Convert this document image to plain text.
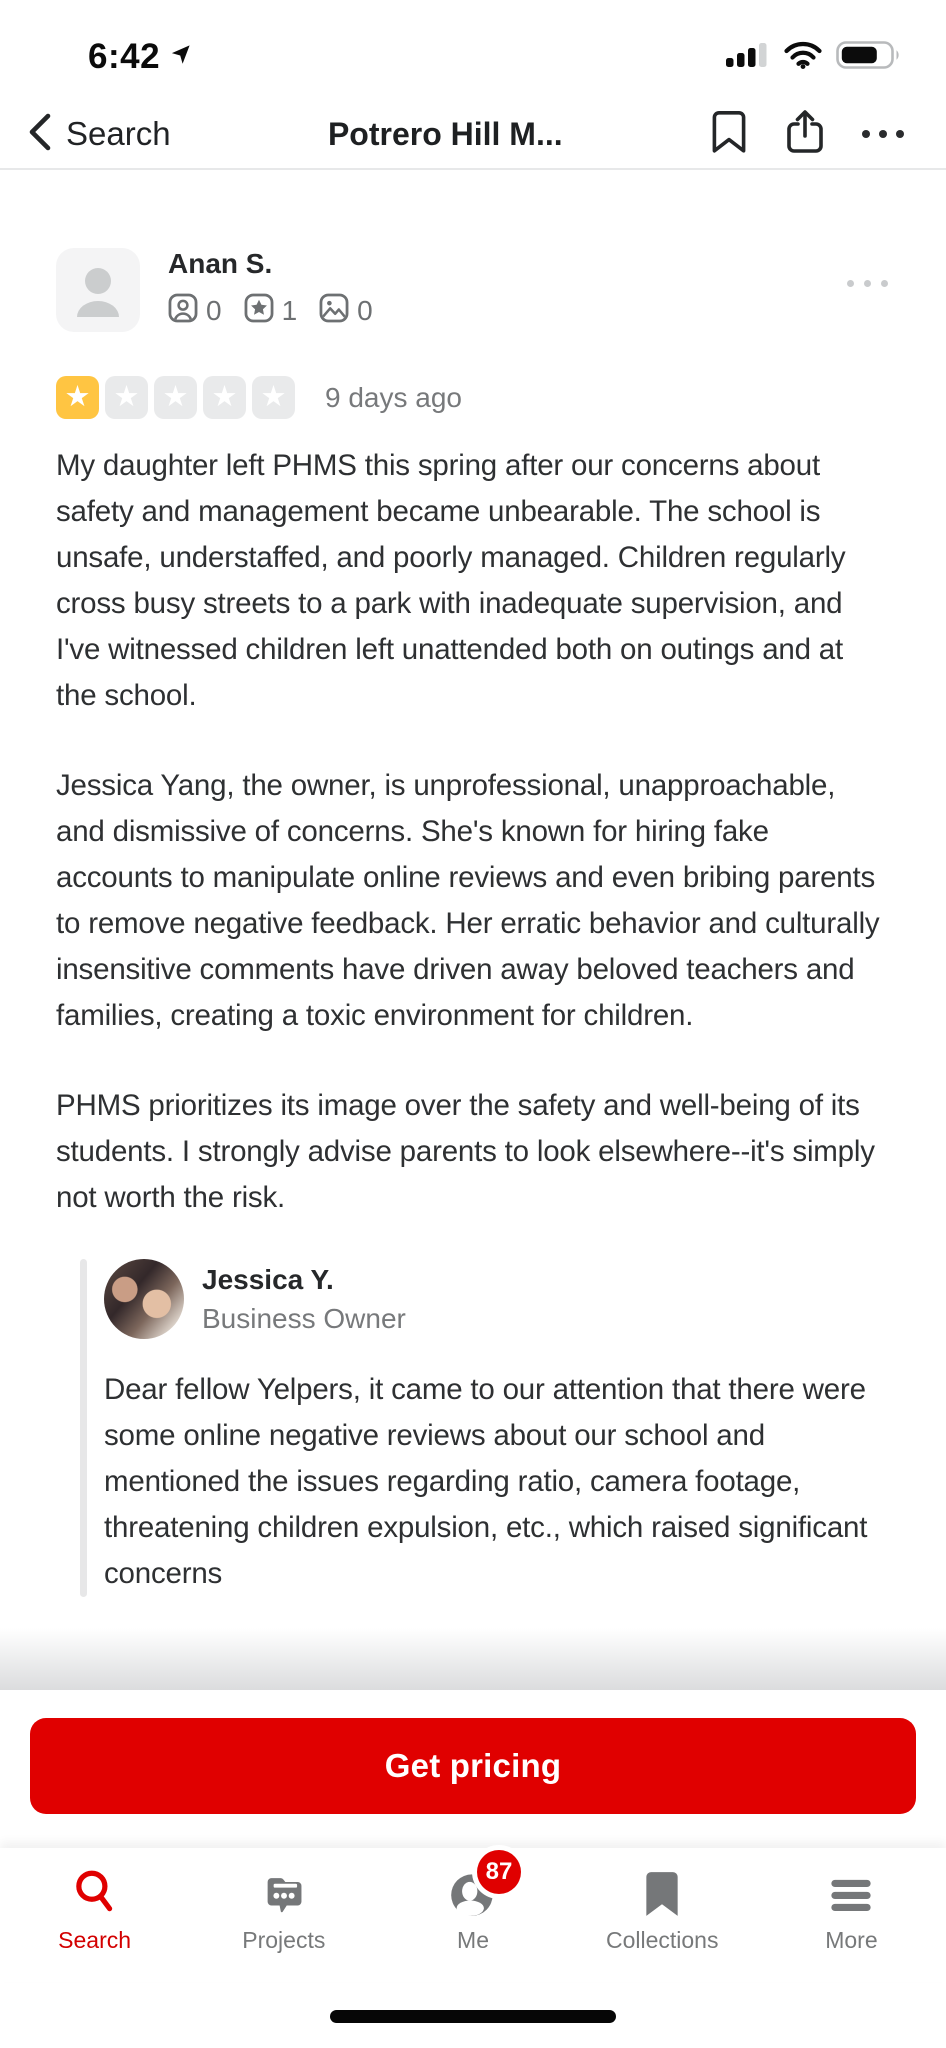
6:42
Search	Potrero Hill M...
Anan S.
0 1 0
★ ★ ★ ★ ★	9 days ago

My daughter left PHMS this spring after our concerns about safety and management became unbearable. The school is unsafe, understaffed, and poorly managed. Children regularly cross busy streets to a park with inadequate supervision, and I've witnessed children left unattended both on outings and at the school.

Jessica Yang, the owner, is unprofessional, unapproachable, and dismissive of concerns. She's known for hiring fake accounts to manipulate online reviews and even bribing parents to remove negative feedback. Her erratic behavior and culturally insensitive comments have driven away beloved teachers and families, creating a toxic environment for children.

PHMS prioritizes its image over the safety and well-being of its students. I strongly advise parents to look elsewhere--it's simply not worth the risk.

Jessica Y.
Business Owner
Dear fellow Yelpers, it came to our attention that there were some online negative reviews about our school and mentioned the issues regarding ratio, camera footage, threatening children expulsion, etc., which raised significant concerns
Get pricing
Search	Projects
87
Me	Collections	More
